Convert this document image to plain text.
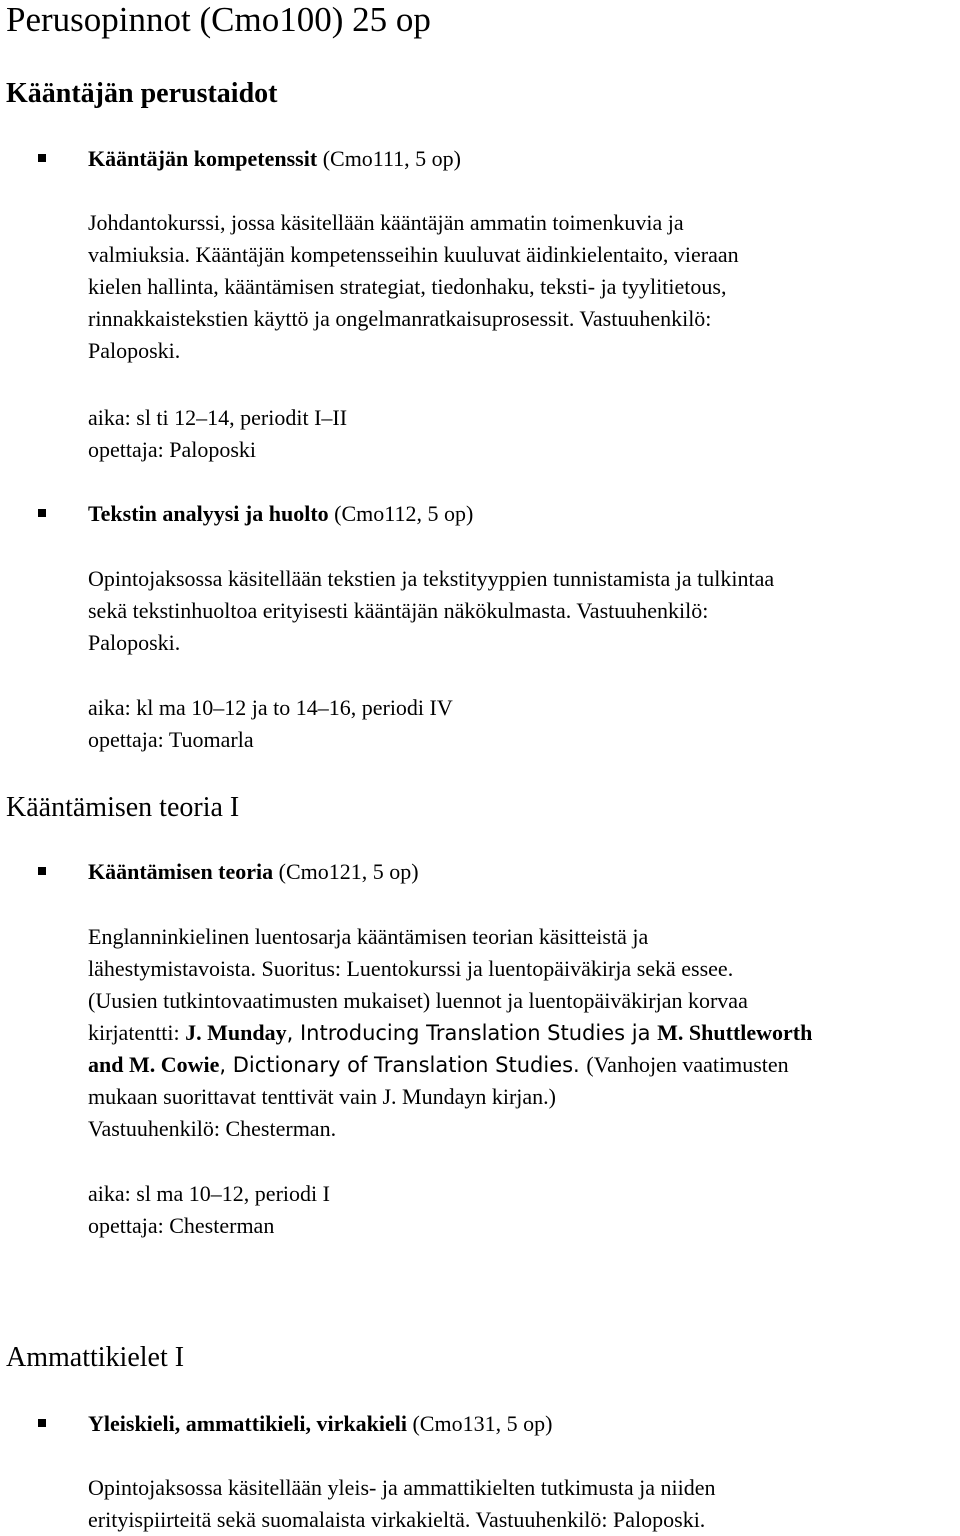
Perusopinnot (Cmo100) 25 op
Kääntäjän perustaidot
Kääntäjän kompetenssit (Cmo111, 5 op)
Johdantokurssi, jossa käsitellään kääntäjän ammatin toimenkuvia ja
valmiuksia. Kääntäjän kompetensseihin kuuluvat äidinkielentaito, vieraan
kielen hallinta, kääntämisen strategiat, tiedonhaku, teksti- ja tyylitietous,
rinnakkaistekstien käyttö ja ongelmanratkaisuprosessit. Vastuuhenkilö:
Paloposki.
aika: sl ti 12–14, periodit I–II
opettaja: Paloposki
Tekstin analyysi ja huolto (Cmo112, 5 op)
Opintojaksossa käsitellään tekstien ja tekstityyppien tunnistamista ja tulkintaa
sekä tekstinhuoltoa erityisesti kääntäjän näkökulmasta. Vastuuhenkilö:
Paloposki.
aika: kl ma 10–12 ja to 14–16, periodi IV
opettaja: Tuomarla
Kääntämisen teoria I
Kääntämisen teoria (Cmo121, 5 op)
Englanninkielinen luentosarja kääntämisen teorian käsitteistä ja
lähestymistavoista. Suoritus: Luentokurssi ja luentopäiväkirja sekä essee.
(Uusien tutkintovaatimusten mukaiset) luennot ja luentopäiväkirjan korvaa
kirjatentti: J. Munday, Introducing Translation Studies ja M. Shuttleworth
and M. Cowie, Dictionary of Translation Studies. (Vanhojen vaatimusten
mukaan suorittavat tenttivät vain J. Mundayn kirjan.)
Vastuuhenkilö: Chesterman.
aika: sl ma 10–12, periodi I
opettaja: Chesterman
Ammattikielet I
Yleiskieli, ammattikieli, virkakieli (Cmo131, 5 op)
Opintojaksossa käsitellään yleis- ja ammattikielten tutkimusta ja niiden
erityispiirteitä sekä suomalaista virkakieltä. Vastuuhenkilö: Paloposki.
